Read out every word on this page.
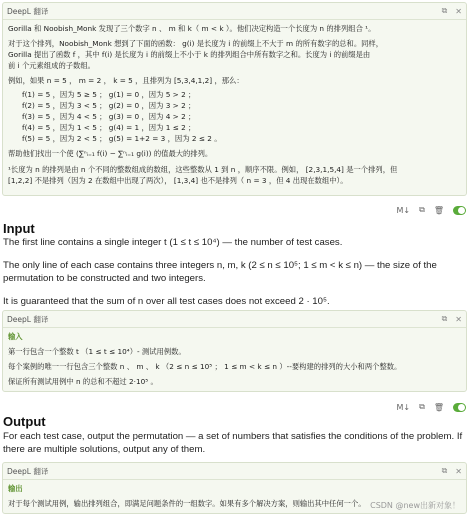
DeepL 翻译	⧉ ✕
Gorilla 和 Noobish_Monk 发现了三个数字 n 、 m 和 k（ m < k ）。他们决定构造一个长度为 n 的排列组合 ¹。
对于这个排列，Noobish_Monk 想到了下面的函数： g(i) 是长度为 i 的前缀上不大于 m 的所有数字的总和。同样，
Gorilla 提出了函数 f ，其中 f(i) 是长度为 i 的前缀上不小于 k 的排列组合中所有数字之和。长度为 i 的前缀是由
前 i 个元素组成的子数组。
例如，如果 n = 5 ， m = 2 ， k = 5 ，且排列为 [5,3,4,1,2] ，那么：
f(1) = 5 ，因为 5 ≥ 5 ； g(1) = 0 ，因为 5 > 2 ；
f(2) = 5 ，因为 3 < 5 ； g(2) = 0 ，因为 3 > 2 ；
f(3) = 5 ，因为 4 < 5 ； g(3) = 0 ，因为 4 > 2 ；
f(4) = 5 ，因为 1 < 5 ； g(4) = 1 ，因为 1 ≤ 2 ；
f(5) = 5 ，因为 2 < 5 ； g(5) = 1+2 = 3 ，因为 2 ≤ 2 。
帮助他们找出一个使 (∑ⁿᵢ₌₁ f(i) − ∑ⁿᵢ₌₁ g(i)) 的值最大的排列。
¹长度为 n 的排列是由 n 个不同的整数组成的数组，这些整数从 1 到 n ，顺序不限。例如， [2,3,1,5,4] 是一个排列，但
[1,2,2] 不是排列（因为 2 在数组中出现了两次）， [1,3,4] 也不是排列（ n = 3 ，但 4 出现在数组中）。
M↓ ⧉ 🗑
Input
The first line contains a single integer t (1 ≤ t ≤ 10⁴) — the number of test cases.
The only line of each case contains three integers n, m, k (2 ≤ n ≤ 10⁵; 1 ≤ m < k ≤ n) — the size of the
permutation to be constructed and two integers.
It is guaranteed that the sum of n over all test cases does not exceed 2 · 10⁵.
DeepL 翻译	⧉ ✕
输入
第一行包含一个整数 t （1 ≤ t ≤ 10⁴）- 测试用例数。
每个案例的唯一一行包含三个整数 n 、 m 、 k （2 ≤ n ≤ 10⁵ ； 1 ≤ m < k ≤ n ）--要构建的排列的大小和两个整数。
保证所有测试用例中 n 的总和不超过 2·10⁵ 。
M↓ ⧉ 🗑
Output
For each test case, output the permutation — a set of numbers that satisfies the conditions of the problem. If
there are multiple solutions, output any of them.
DeepL 翻译	⧉ ✕
输出
对于每个测试用例，输出排列组合，即满足问题条件的一组数字。如果有多个解决方案，则输出其中任何一个。 CSDN @new出新对象！
